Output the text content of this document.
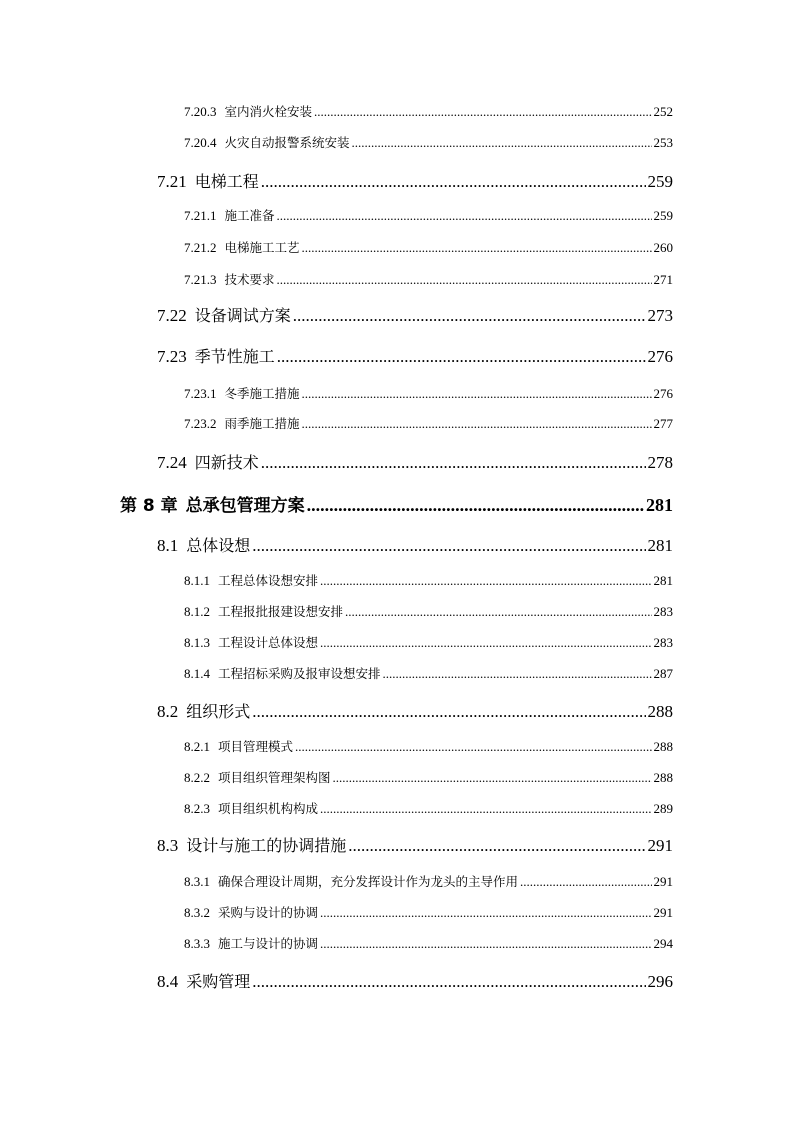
7.20.3 室内消火栓安装 .....	252
7.20.4 火灾自动报警系统安装 .....	253
7.21 电梯工程 .....	259
7.21.1 施工准备 .....	259
7.21.2 电梯施工工艺 .....	260
7.21.3 技术要求 .....	271
7.22 设备调试方案 .....	273
7.23 季节性施工 .....	276
7.23.1 冬季施工措施 .....	276
7.23.2 雨季施工措施 .....	277
7.24 四新技术 .....	278
第 8 章 总承包管理方案 .....	281
8.1 总体设想 .....	281
8.1.1 工程总体设想安排 .....	281
8.1.2 工程报批报建设想安排 .....	283
8.1.3 工程设计总体设想 .....	283
8.1.4 工程招标采购及报审设想安排 .....	287
8.2 组织形式 .....	288
8.2.1 项目管理模式 .....	288
8.2.2 项目组织管理架构图 .....	288
8.2.3 项目组织机构构成 .....	289
8.3 设计与施工的协调措施 .....	291
8.3.1 确保合理设计周期，充分发挥设计作为龙头的主导作用 .....	291
8.3.2 采购与设计的协调 .....	291
8.3.3 施工与设计的协调 .....	294
8.4 采购管理 .....	296
